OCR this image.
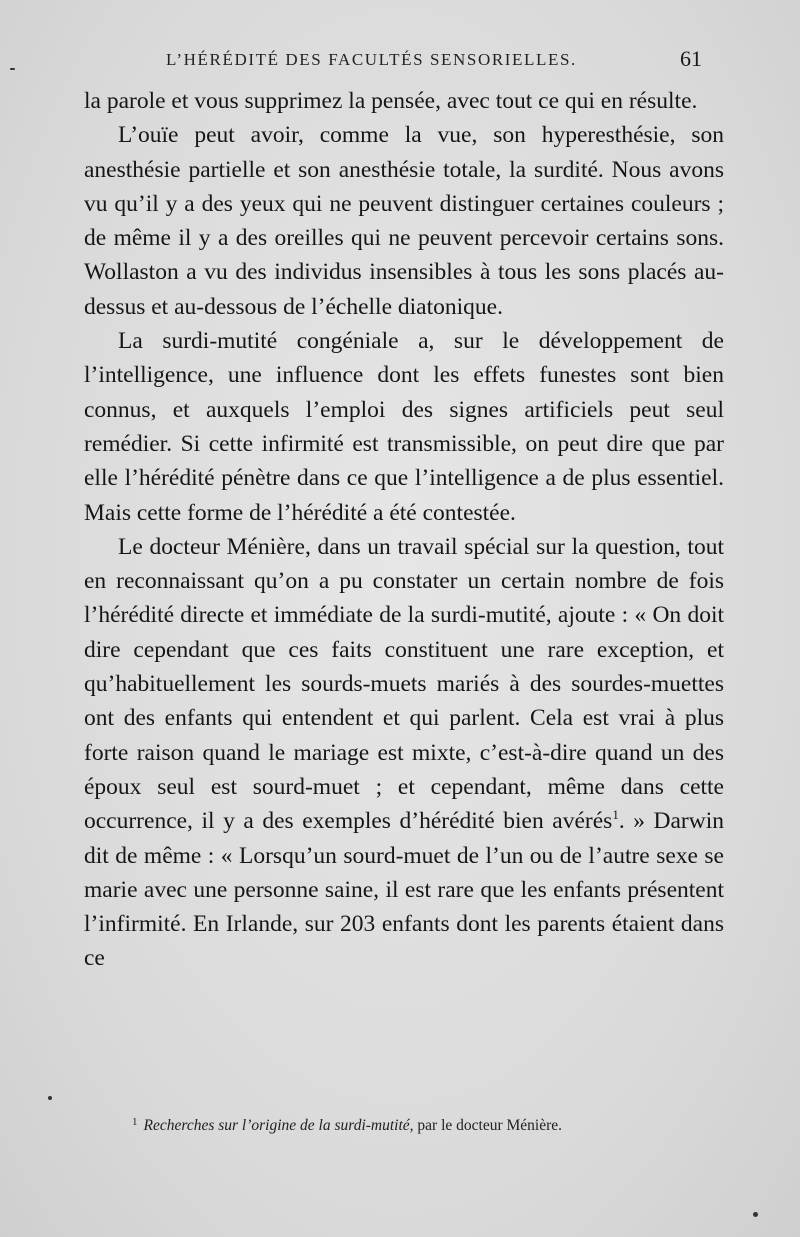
L’HÉRÉDITÉ DES FACULTÉS SENSORIELLES.	61

la parole et vous supprimez la pensée, avec tout ce qui en résulte.

L’ouïe peut avoir, comme la vue, son hyperesthésie, son anesthésie partielle et son anesthésie totale, la surdité. Nous avons vu qu’il y a des yeux qui ne peuvent distinguer certaines couleurs ; de même il y a des oreilles qui ne peuvent percevoir certains sons. Wollaston a vu des individus insensibles à tous les sons placés au-dessus et au-dessous de l’échelle diatonique.

La surdi-mutité congéniale a, sur le développement de l’intelligence, une influence dont les effets funestes sont bien connus, et auxquels l’emploi des signes artificiels peut seul remédier. Si cette infirmité est transmissible, on peut dire que par elle l’hérédité pénètre dans ce que l’intelligence a de plus essentiel. Mais cette forme de l’hérédité a été contestée.

Le docteur Ménière, dans un travail spécial sur la question, tout en reconnaissant qu’on a pu constater un certain nombre de fois l’hérédité directe et immédiate de la surdi-mutité, ajoute : « On doit dire cependant que ces faits constituent une rare exception, et qu’habituellement les sourds-muets mariés à des sourdes-muettes ont des enfants qui entendent et qui parlent. Cela est vrai à plus forte raison quand le mariage est mixte, c’est-à-dire quand un des époux seul est sourd-muet ; et cependant, même dans cette occurrence, il y a des exemples d’hérédité bien avérés$^1$. » Darwin dit de même : « Lorsqu’un sourd-muet de l’un ou de l’autre sexe se marie avec une personne saine, il est rare que les enfants présentent l’infirmité. En Irlande, sur 203 enfants dont les parents étaient dans ce

$^1$ Recherches sur l’origine de la surdi-mutité, par le docteur Ménière.
